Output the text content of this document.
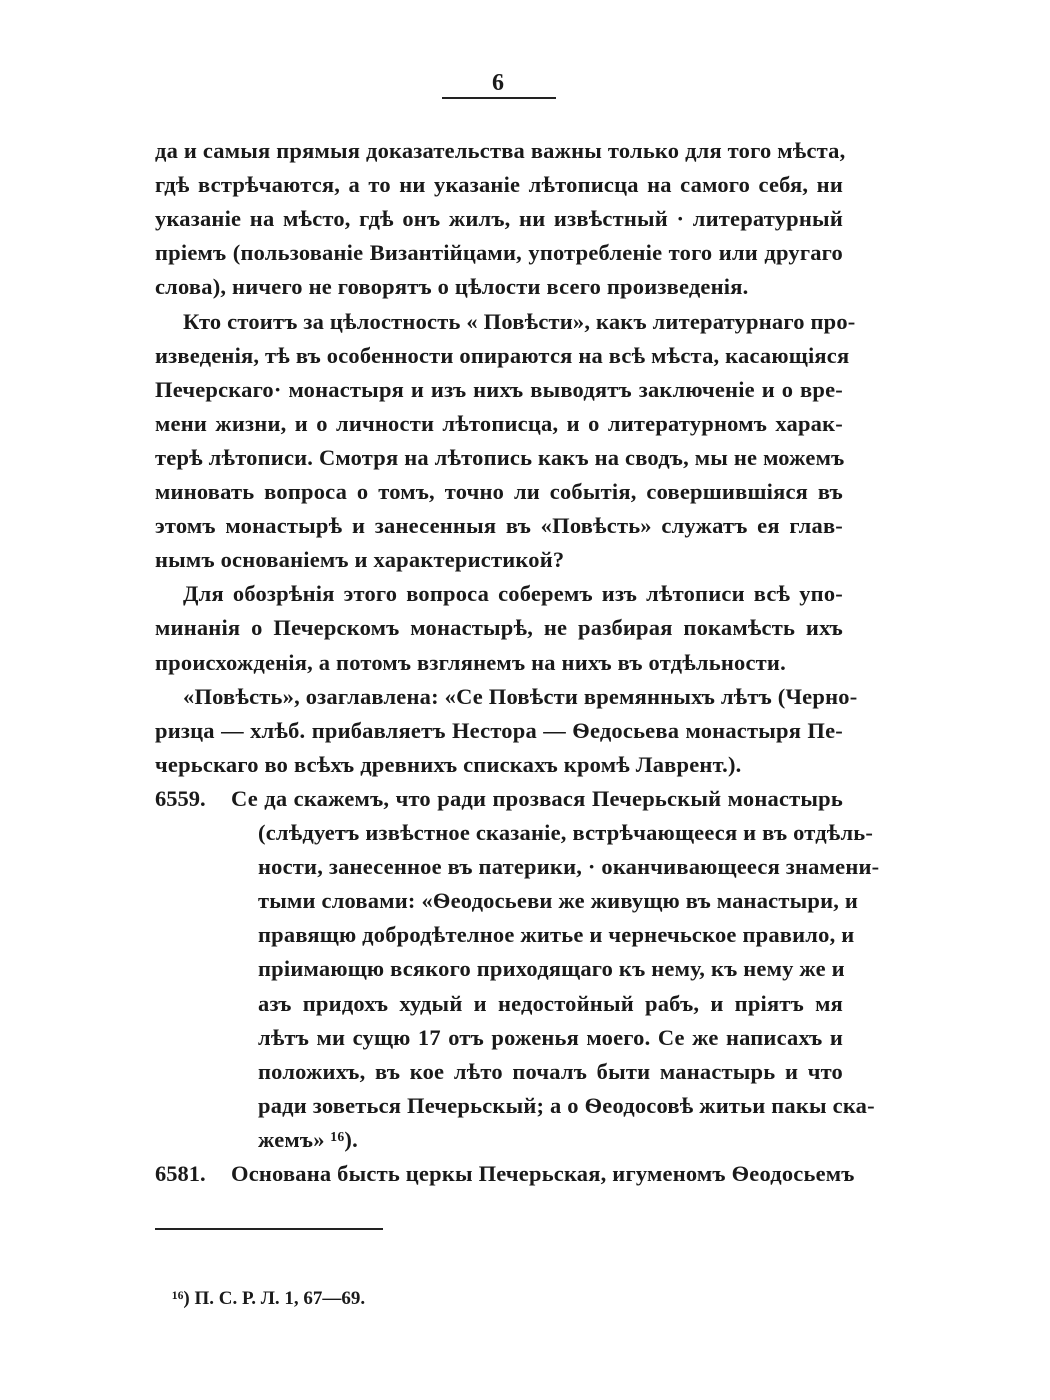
6
да и самыя прямыя доказательства важны только для того мѣста,
гдѣ встрѣчаются, а то ни указаніе лѣтописца на самого себя, ни
указаніе на мѣсто, гдѣ онъ жилъ, ни извѣстный · литературный
пріемъ (пользованіе Византійцами, употребленіе того или другаго
слова), ничего не говорятъ о цѣлости всего произведенія.
Кто стоитъ за цѣлостность « Повѣсти», какъ литературнаго про-
изведенія, тѣ въ особенности опираются на всѣ мѣста, касающіяся
Печерскаго· монастыря и изъ нихъ выводятъ заключеніе и о вре-
мени жизни, и о личности лѣтописца, и о литературномъ харак-
терѣ лѣтописи. Смотря на лѣтопись какъ на сводъ, мы не можемъ
миновать вопроса о томъ, точно ли событія, совершившіяся въ
этомъ монастырѣ и занесенныя въ «Повѣсть» служатъ ея глав-
нымъ основаніемъ и характеристикой?
Для обозрѣнія этого вопроса соберемъ изъ лѣтописи всѣ упо-
минанія о Печерскомъ монастырѣ, не разбирая покамѣсть ихъ
происхожденія, а потомъ взглянемъ на нихъ въ отдѣльности.
«Повѣсть», озаглавлена: «Се Повѣсти времянныхъ лѣтъ (Черно-
ризца — хлѣб. прибавляетъ Нестора — Ѳедосьева монастыря Пе-
черьскаго во всѣхъ древнихъ спискахъ кромѣ Лаврент.).
6559. Се да скажемъ, что ради прозвася Печерьскый монастырь
(слѣдуетъ извѣстное сказаніе, встрѣчающееся и въ отдѣль-
ности, занесенное въ патерики, · оканчивающееся знамени-
тыми словами: «Ѳеодосьеви же живущю въ манастыри, и
правящю добродѣтелное житье и чернечьское правило, и
пріимающю всякого приходящаго къ нему, къ нему же и
азъ придохъ худый и недостойный рабъ, и пріятъ мя
лѣтъ ми сущю 17 отъ роженья моего. Се же написахъ и
положихъ, въ кое лѣто почалъ быти манастырь и что
ради зоветься Печерьскый; а о Ѳеодосовѣ житьи пакы ска-
жемъ» ¹⁶).
6581. Основана бысть церкы Печерьская, игуменомъ Ѳеодосьемъ
¹⁶) П. С. Р. Л. 1, 67—69.
